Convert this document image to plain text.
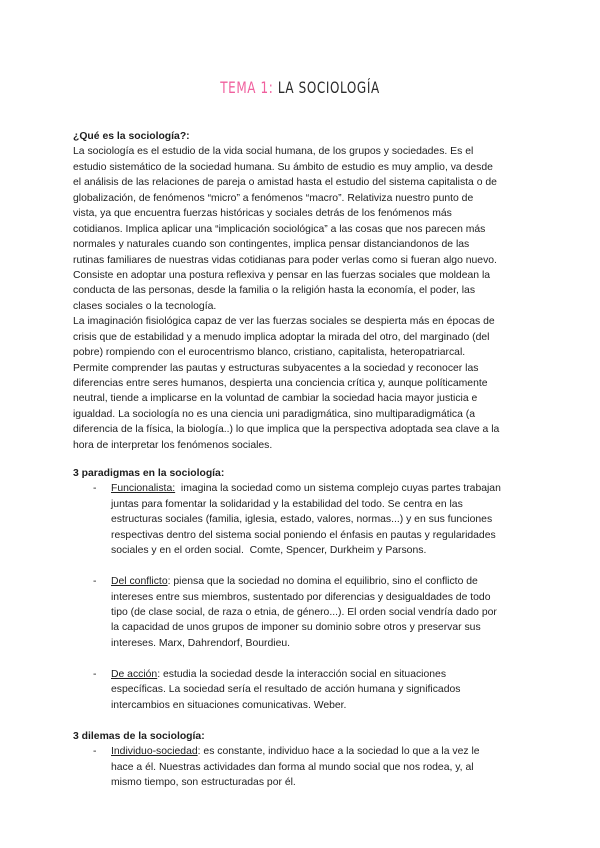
TEMA 1: LA SOCIOLOGÍA
¿Qué es la sociología?:
La sociología es el estudio de la vida social humana, de los grupos y sociedades. Es el
estudio sistemático de la sociedad humana. Su ámbito de estudio es muy amplio, va desde
el análisis de las relaciones de pareja o amistad hasta el estudio del sistema capitalista o de
globalización, de fenómenos “micro” a fenómenos “macro”. Relativiza nuestro punto de
vista, ya que encuentra fuerzas históricas y sociales detrás de los fenómenos más
cotidianos. Implica aplicar una “implicación sociológica” a las cosas que nos parecen más
normales y naturales cuando son contingentes, implica pensar distanciandonos de las
rutinas familiares de nuestras vidas cotidianas para poder verlas como si fueran algo nuevo.
Consiste en adoptar una postura reflexiva y pensar en las fuerzas sociales que moldean la
conducta de las personas, desde la familia o la religión hasta la economía, el poder, las
clases sociales o la tecnología.
La imaginación fisiológica capaz de ver las fuerzas sociales se despierta más en épocas de
crisis que de estabilidad y a menudo implica adoptar la mirada del otro, del marginado (del
pobre) rompiendo con el eurocentrismo blanco, cristiano, capitalista, heteropatriarcal.
Permite comprender las pautas y estructuras subyacentes a la sociedad y reconocer las
diferencias entre seres humanos, despierta una conciencia crítica y, aunque políticamente
neutral, tiende a implicarse en la voluntad de cambiar la sociedad hacia mayor justicia e
igualdad. La sociología no es una ciencia uni paradigmática, sino multiparadigmática (a
diferencia de la física, la biología..) lo que implica que la perspectiva adoptada sea clave a la
hora de interpretar los fenómenos sociales.
3 paradigmas en la sociología:
- Funcionalista:  imagina la sociedad como un sistema complejo cuyas partes trabajan
juntas para fomentar la solidaridad y la estabilidad del todo. Se centra en las
estructuras sociales (familia, iglesia, estado, valores, normas...) y en sus funciones
respectivas dentro del sistema social poniendo el énfasis en pautas y regularidades
sociales y en el orden social.  Comte, Spencer, Durkheim y Parsons.
- Del conflicto: piensa que la sociedad no domina el equilibrio, sino el conflicto de
intereses entre sus miembros, sustentado por diferencias y desigualdades de todo
tipo (de clase social, de raza o etnia, de género...). El orden social vendría dado por
la capacidad de unos grupos de imponer su dominio sobre otros y preservar sus
intereses. Marx, Dahrendorf, Bourdieu.
- De acción: estudia la sociedad desde la interacción social en situaciones
específicas. La sociedad sería el resultado de acción humana y significados
intercambios en situaciones comunicativas. Weber.
3 dilemas de la sociología:
- Individuo-sociedad: es constante, individuo hace a la sociedad lo que a la vez le
hace a él. Nuestras actividades dan forma al mundo social que nos rodea, y, al
mismo tiempo, son estructuradas por él.
